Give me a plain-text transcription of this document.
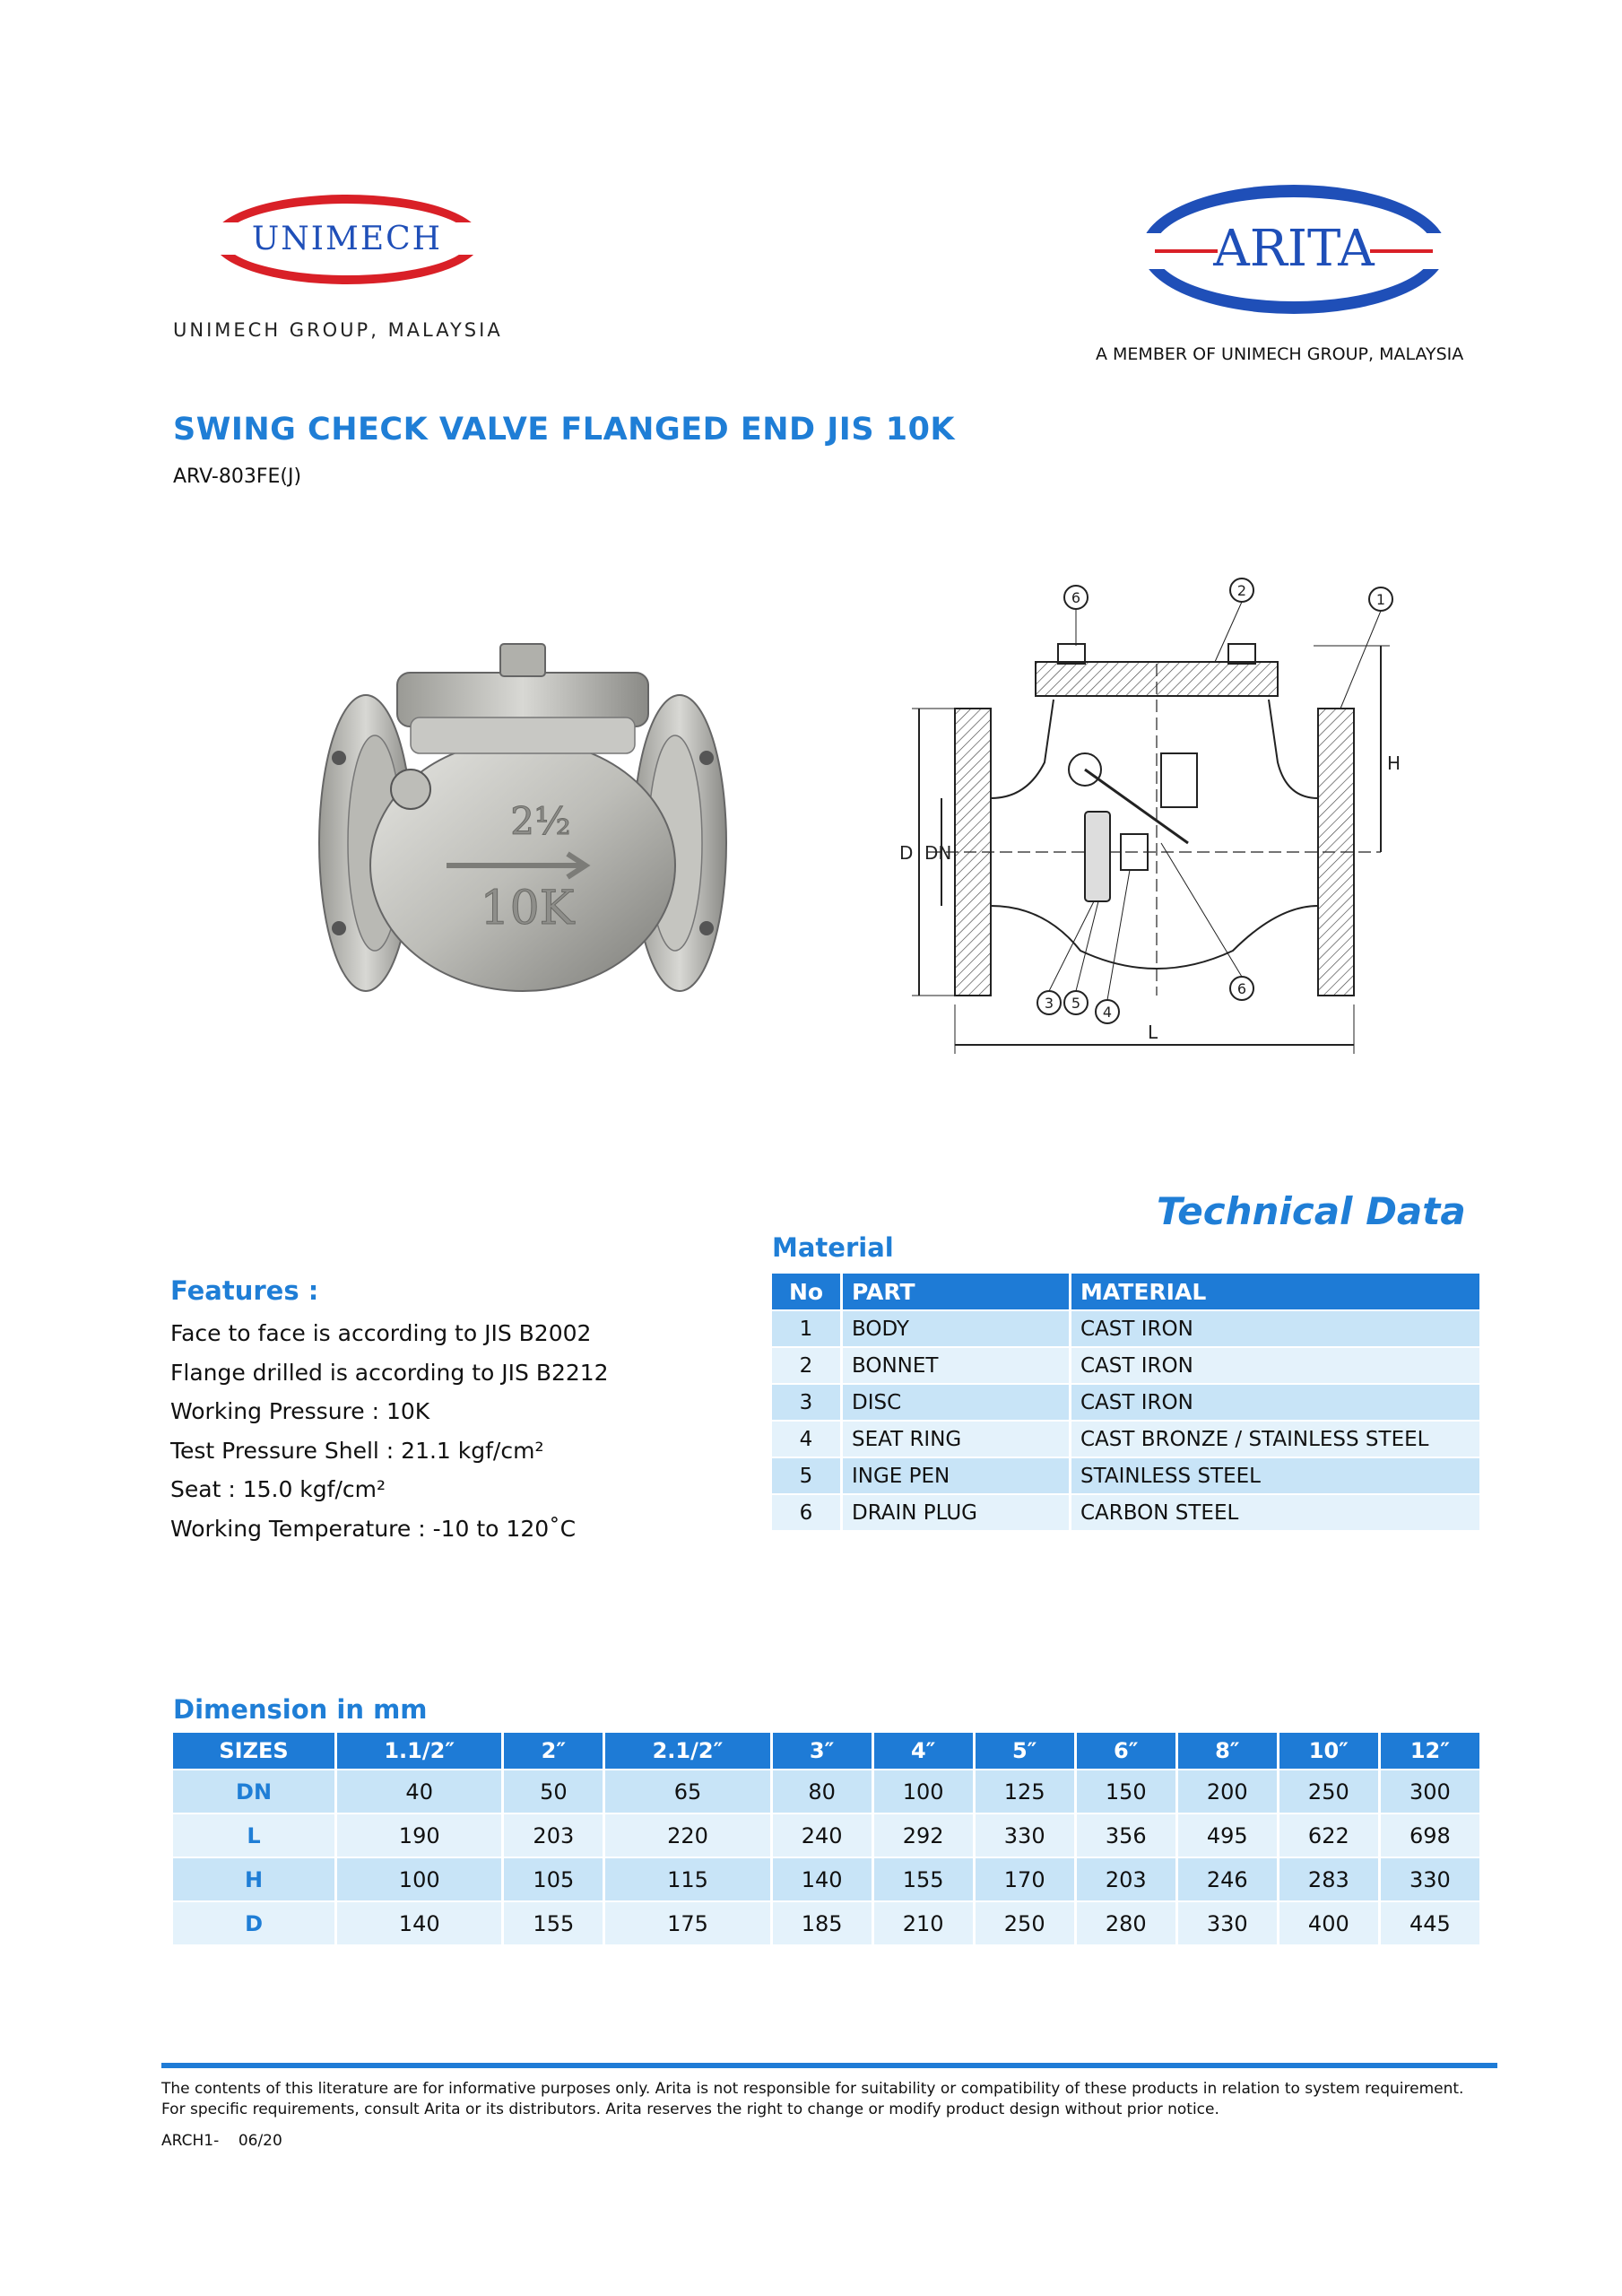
UNIMECH
UNIMECH GROUP, MALAYSIA
ARITA
A MEMBER OF UNIMECH GROUP, MALAYSIA
SWING CHECK VALVE FLANGED END JIS 10K
ARV-803FE(J)
2½
10K
6	2
1
3 5
4
6
D DN
H
L
Technical Data
Material
No	PART	MATERIAL
1	BODY	CAST IRON
2	BONNET	CAST IRON
3	DISC	CAST IRON
4	SEAT RING	CAST BRONZE / STAINLESS STEEL
5	INGE PEN	STAINLESS STEEL
6	DRAIN PLUG	CARBON STEEL
Features :
Face to face is according to JIS B2002
Flange drilled is according to JIS B2212
Working Pressure : 10K
Test Pressure Shell : 21.1 kgf/cm²
Seat : 15.0 kgf/cm²
Working Temperature : -10 to 120˚C
Dimension in mm
SIZES	1.1/2″	2″	2.1/2″	3″	4″	5″	6″	8″	10″	12″
DN	40	50	65	80	100	125	150	200	250	300
L	190	203	220	240	292	330	356	495	622	698
H	100	105	115	140	155	170	203	246	283	330
D	140	155	175	185	210	250	280	330	400	445
The contents of this literature are for informative purposes only. Arita is not responsible for suitability or compatibility of these products in relation to system requirement.
For specific requirements, consult Arita or its distributors. Arita reserves the right to change or modify product design without prior notice.
ARCH1-    06/20
